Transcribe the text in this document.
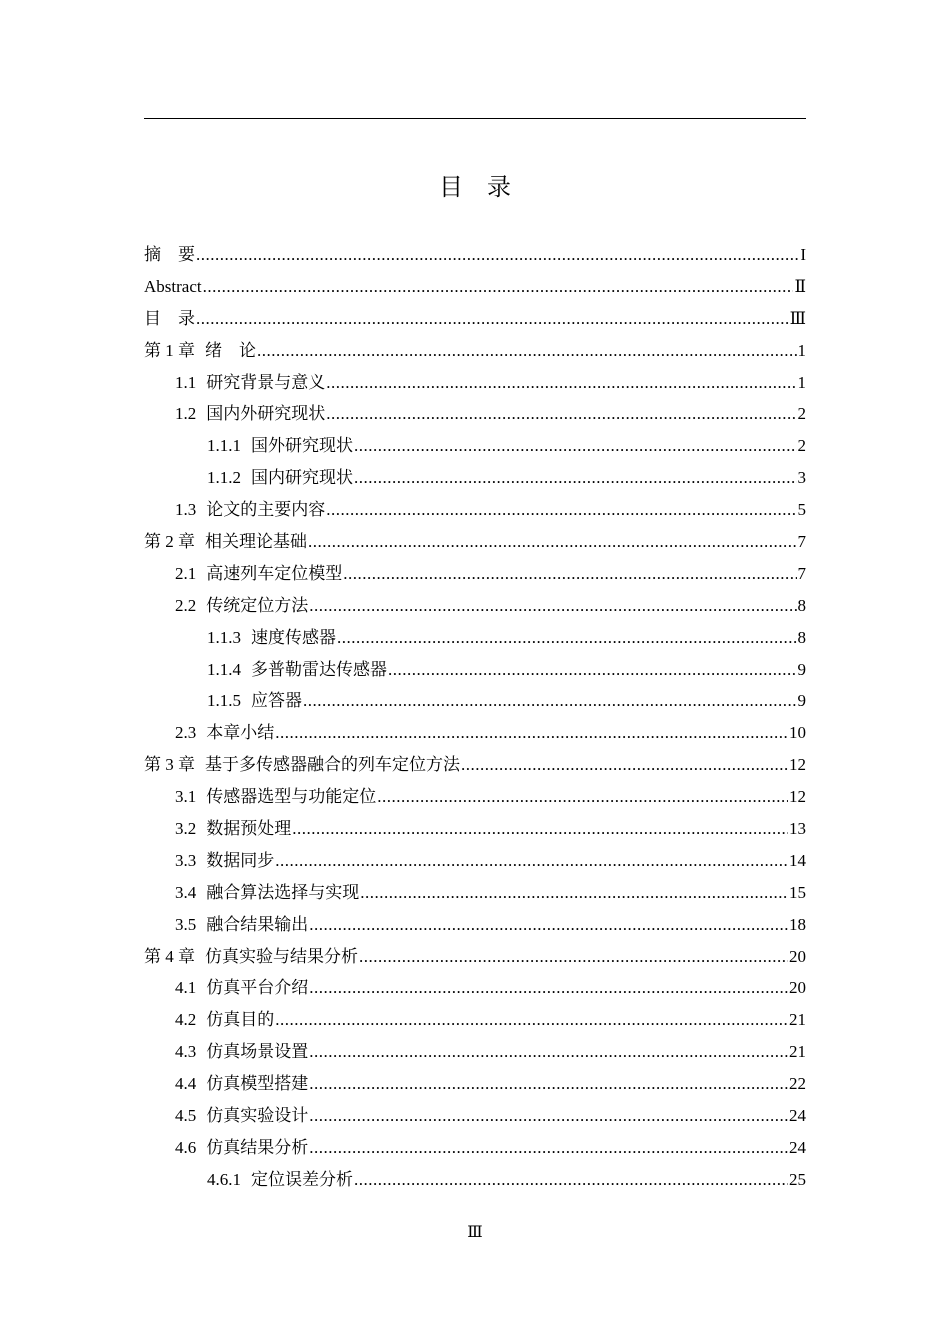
目　录
摘　要 .....	I
Abstract .....	Ⅱ
目　录 .....	Ⅲ
第 1 章 绪　论 .....	1
1.1 研究背景与意义 .....	1
1.2 国内外研究现状 .....	2
1.1.1 国外研究现状 .....	2
1.1.2 国内研究现状 .....	3
1.3 论文的主要内容 .....	5
第 2 章 相关理论基础 .....	7
2.1 高速列车定位模型 .....	7
2.2 传统定位方法 .....	8
1.1.3 速度传感器 .....	8
1.1.4 多普勒雷达传感器 .....	9
1.1.5 应答器 .....	9
2.3 本章小结 .....	10
第 3 章 基于多传感器融合的列车定位方法 .....	12
3.1 传感器选型与功能定位 .....	12
3.2 数据预处理 .....	13
3.3 数据同步 .....	14
3.4 融合算法选择与实现 .....	15
3.5 融合结果输出 .....	18
第 4 章 仿真实验与结果分析 .....	20
4.1 仿真平台介绍 .....	20
4.2 仿真目的 .....	21
4.3 仿真场景设置 .....	21
4.4 仿真模型搭建 .....	22
4.5 仿真实验设计 .....	24
4.6 仿真结果分析 .....	24
4.6.1 定位误差分析 .....	25
Ⅲ
